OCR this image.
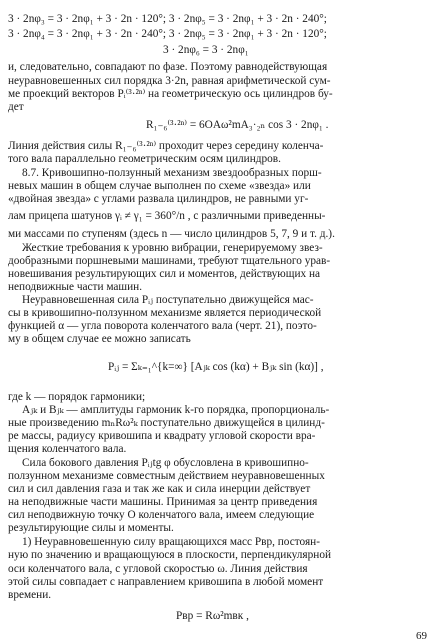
3 · 2nφ₃ = 3 · 2nφ₁ + 3 · 2n · 120°; 3 · 2nφ₅ = 3 · 2nφ₁ + 3 · 2n · 240°;
3 · 2nφ₄ = 3 · 2nφ₁ + 3 · 2n · 240°; 3 · 2nφ₅ = 3 · 2nφ₁ + 3 · 2n · 120°;
3 · 2nφ₆ = 3 · 2nφ₁
и, следовательно, совпадают по фазе. Поэтому равнодействующая
неуравновешенных сил порядка 3·2n, равная арифметической сум-
ме проекций векторов Pᵢ⁽³·²ⁿ⁾ на геометрическую ось цилиндров бу-
дет
R₁₋₆⁽³·²ⁿ⁾ = 6OAω²mA₃·₂ₙ cos 3 · 2nφ₁ .
Линия действия силы R₁₋₆⁽³·²ⁿ⁾ проходит через середину коленча-
того вала параллельно геометрическим осям цилиндров.
8.7. Кривошипно-ползунный механизм звездообразных порш-
невых машин в общем случае выполнен по схеме «звезда» или
«двойная звезда» с углами развала цилиндров, не равными уг-
лам прицепа шатунов γᵢ ≠ γ₁ = 360°/n , с различными приведенны-
ми массами по ступеням (здесь n — число цилиндров 5, 7, 9 и т. д.).
Жесткие требования к уровню вибрации, генерируемому звез-
дообразными поршневыми машинами, требуют тщательного урав-
новешивания результирующих сил и моментов, действующих на
неподвижные части машин.
Неуравновешенная сила Pᵢⱼ поступательно движущейся мас-
сы в кривошипно-ползунном механизме является периодической
функцией α — угла поворота коленчатого вала (черт. 21), поэто-
му в общем случае ее можно записать
Pᵢⱼ = Σₖ₌₁^{k=∞} [Aⱼₖ cos (kα) + Bⱼₖ sin (kα)] ,
где k — порядок гармоники;
Aⱼₖ и Bⱼₖ — амплитуды гармоник k-го порядка, пропорциональ-
ные произведению mₙRω²ₖ поступательно движущейся в цилинд-
ре массы, радиусу кривошипа и квадрату угловой скорости вра-
щения коленчатого вала.
Сила бокового давления Pᵢⱼtg φ обусловлена в кривошипно-
ползунном механизме совместным действием неуравновешенных
сил и сил давления газа и так же как и сила инерции действует
на неподвижные части машины. Принимая за центр приведения
сил неподвижную точку O коленчатого вала, имеем следующие
результирующие силы и моменты.
1) Неуравновешенную силу вращающихся масс Pвр, постоян-
ную по значению и вращающуюся в плоскости, перпендикулярной
оси коленчатого вала, с угловой скоростью ω. Линия действия
этой силы совпадает с направлением кривошипа в любой момент
времени.
Pвр = Rω²mвк ,
69
